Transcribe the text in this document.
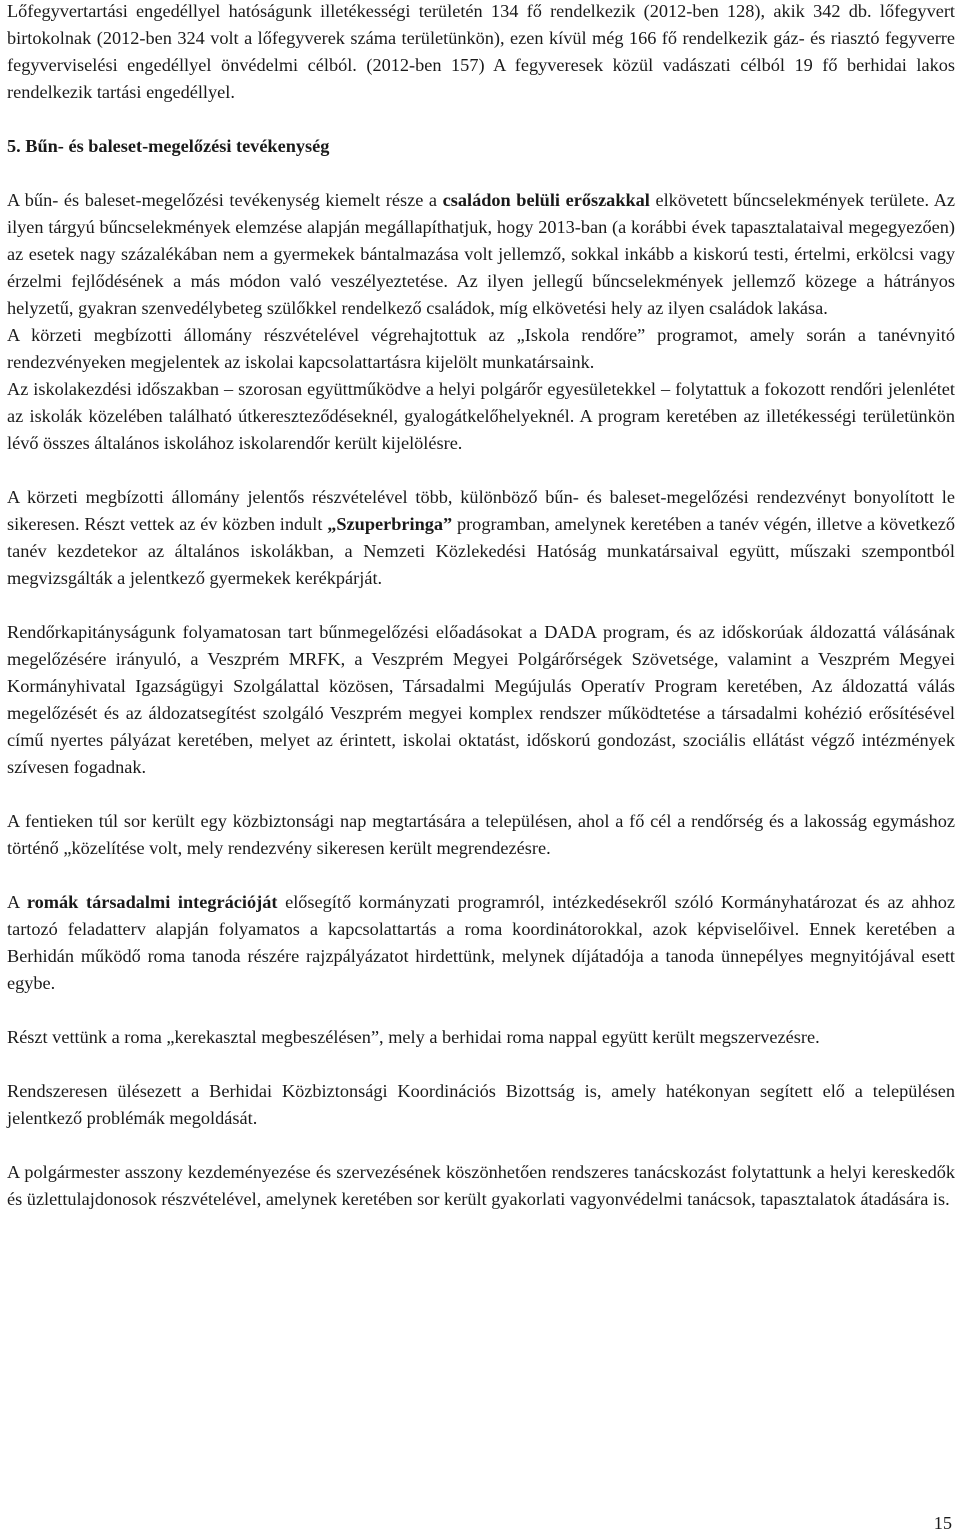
Lőfegyvertartási engedéllyel hatóságunk illetékességi területén 134 fő rendelkezik (2012-ben 128), akik 342 db. lőfegyvert birtokolnak (2012-ben 324 volt a lőfegyverek száma területünkön), ezen kívül még 166 fő rendelkezik gáz- és riasztó fegyverre fegyverviselési engedéllyel önvédelmi célból. (2012-ben 157) A fegyveresek közül vadászati célból 19 fő berhidai lakos rendelkezik tartási engedéllyel.

5. Bűn- és baleset-megelőzési tevékenység

A bűn- és baleset-megelőzési tevékenység kiemelt része a családon belüli erőszakkal elkövetett bűncselekmények területe. Az ilyen tárgyú bűncselekmények elemzése alapján megállapíthatjuk, hogy 2013-ban (a korábbi évek tapasztalataival megegyezően) az esetek nagy százalékában nem a gyermekek bántalmazása volt jellemző, sokkal inkább a kiskorú testi, értelmi, erkölcsi vagy érzelmi fejlődésének a más módon való veszélyeztetése. Az ilyen jellegű bűncselekmények jellemző közege a hátrányos helyzetű, gyakran szenvedélybeteg szülőkkel rendelkező családok, míg elkövetési hely az ilyen családok lakása.

A körzeti megbízotti állomány részvételével végrehajtottuk az „Iskola rendőre” programot, amely során a tanévnyitó rendezvényeken megjelentek az iskolai kapcsolattartásra kijelölt munkatársaink.

Az iskolakezdési időszakban – szorosan együttműködve a helyi polgárőr egyesületekkel – folytattuk a fokozott rendőri jelenlétet az iskolák közelében található útkereszteződéseknél, gyalogátkelőhelyeknél. A program keretében az illetékességi területünkön lévő összes általános iskolához iskolarendőr került kijelölésre.

A körzeti megbízotti állomány jelentős részvételével több, különböző bűn- és baleset-megelőzési rendezvényt bonyolított le sikeresen. Részt vettek az év közben indult „Szuperbringa” programban, amelynek keretében a tanév végén, illetve a következő tanév kezdetekor az általános iskolákban, a Nemzeti Közlekedési Hatóság munkatársaival együtt, műszaki szempontból megvizsgálták a jelentkező gyermekek kerékpárját.

Rendőrkapitányságunk folyamatosan tart bűnmegelőzési előadásokat a DADA program, és az időskorúak áldozattá válásának megelőzésére irányuló, a Veszprém MRFK, a Veszprém Megyei Polgárőrségek Szövetsége, valamint a Veszprém Megyei Kormányhivatal Igazságügyi Szolgálattal közösen, Társadalmi Megújulás Operatív Program keretében, Az áldozattá válás megelőzését és az áldozatsegítést szolgáló Veszprém megyei komplex rendszer működtetése a társadalmi kohézió erősítésével című nyertes pályázat keretében, melyet az érintett, iskolai oktatást, időskorú gondozást, szociális ellátást végző intézmények szívesen fogadnak.

A fentieken túl sor került egy közbiztonsági nap megtartására a településen, ahol a fő cél a rendőrség és a lakosság egymáshoz történő „közelítése volt, mely rendezvény sikeresen került megrendezésre.

A romák társadalmi integrációját elősegítő kormányzati programról, intézkedésekről szóló Kormányhatározat és az ahhoz tartozó feladatterv alapján folyamatos a kapcsolattartás a roma koordinátorokkal, azok képviselőivel. Ennek keretében a Berhidán működő roma tanoda részére rajzpályázatot hirdettünk, melynek díjátadója a tanoda ünnepélyes megnyitójával esett egybe.

Részt vettünk a roma „kerekasztal megbeszélésen”, mely a berhidai roma nappal együtt került megszervezésre.

Rendszeresen ülésezett a Berhidai Közbiztonsági Koordinációs Bizottság is, amely hatékonyan segített elő a településen jelentkező problémák megoldását.

A polgármester asszony kezdeményezése és szervezésének köszönhetően rendszeres tanácskozást folytattunk a helyi kereskedők és üzlettulajdonosok részvételével, amelynek keretében sor került gyakorlati vagyonvédelmi tanácsok, tapasztalatok átadására is.

15
